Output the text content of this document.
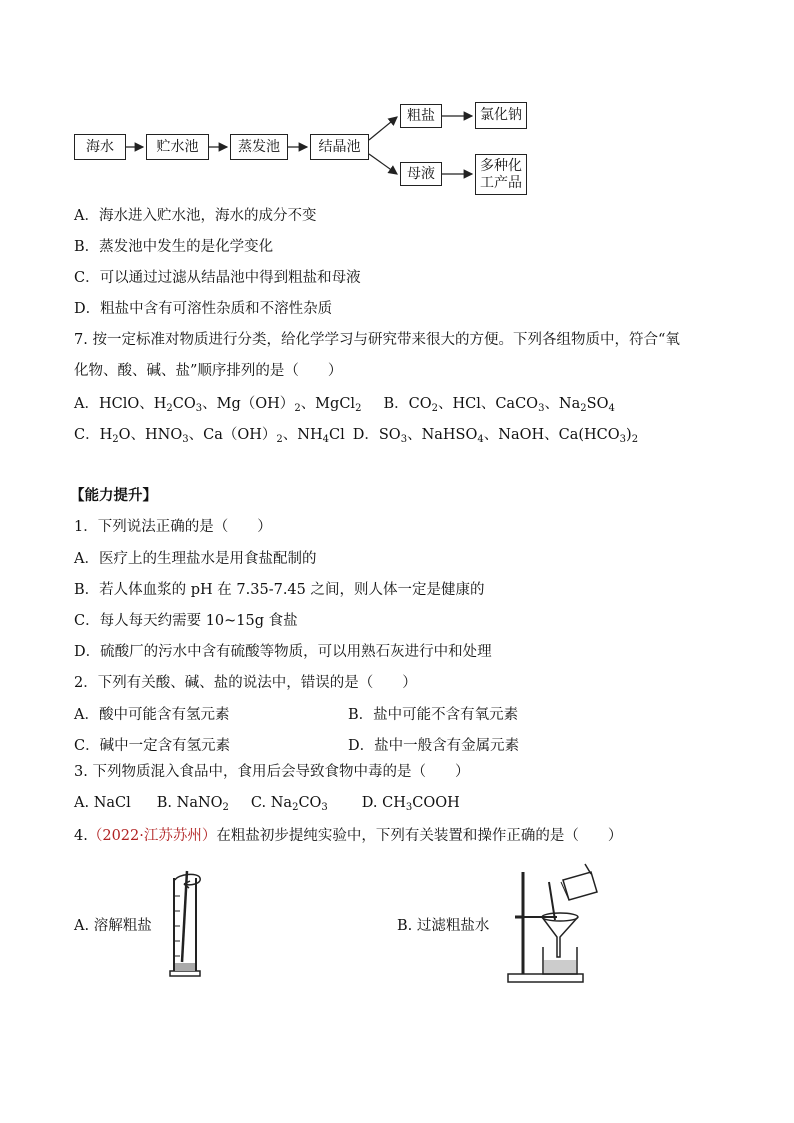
海水	贮水池	蒸发池	结晶池
粗盐
母液
氯化钠
多种化
工产品
A．海水进入贮水池，海水的成分不变
B．蒸发池中发生的是化学变化
C．可以通过过滤从结晶池中得到粗盐和母液
D．粗盐中含有可溶性杂质和不溶性杂质
7. 按一定标准对物质进行分类，给化学学习与研究带来很大的方便。下列各组物质中，符合“氧
化物、酸、碱、盐”顺序排列的是（　　）
A．HClO、$H_2CO_3$、$Mg(OH)_2$、MgCl$_2$ B．$CO_2$、HCl、CaCO$_3$、$Na_2SO_4$
C．$H_2O$、$HNO_3$、$Ca(OH)_2$、$NH_4Cl$ D．$SO_3$、NaHSO$_4$、NaOH、$Ca(HCO_3)_2$
【能力提升】
1．下列说法正确的是（　　）
A．医疗上的生理盐水是用食盐配制的
B．若人体血浆的 pH 在 7.35-7.45 之间，则人体一定是健康的
C．每人每天约需要 10~15g 食盐
D．硫酸厂的污水中含有硫酸等物质，可以用熟石灰进行中和处理
2．下列有关酸、碱、盐的说法中，错误的是（　　）
A．酸中可能含有氢元素	B．盐中可能不含有氧元素
C．碱中一定含有氢元素	D．盐中一般含有金属元素
3. 下列物质混入食品中，食用后会导致食物中毒的是（　　）
A. NaCl B. NaNO$_2$ C. $Na_2CO_3$ D. $CH_3COOH$
4.（2022·江苏苏州）在粗盐初步提纯实验中，下列有关装置和操作正确的是（　　）
A. 溶解粗盐	B. 过滤粗盐水
